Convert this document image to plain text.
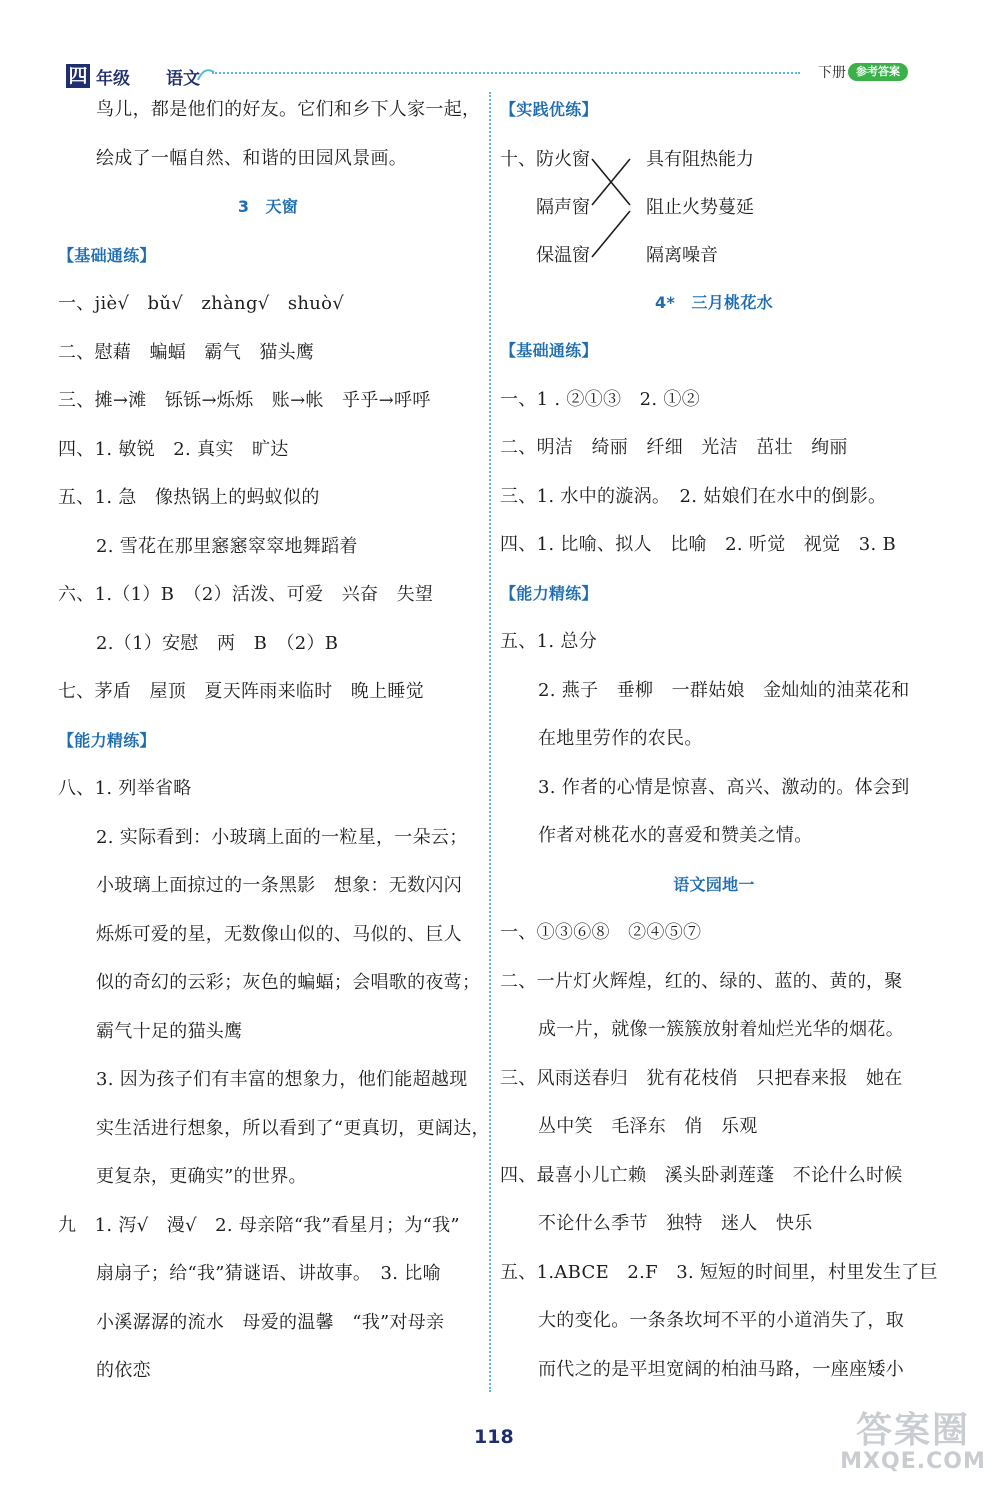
四 年级 语文	下册 参考答案
鸟儿，都是他们的好友。它们和乡下人家一起，
绘成了一幅自然、和谐的田园风景画。
3　天窗
【基础通练】
一、jiè√　bǔ√　zhàng√　shuò√
二、慰藉　蝙蝠　霸气　猫头鹰
三、摊→滩　铄铄→烁烁　账→帐　乎乎→呼呼
四、1. 敏锐　2. 真实　旷达
五、1. 急　像热锅上的蚂蚁似的
2. 雪花在那里窸窸窣窣地舞蹈着
六、1.（1）B　（2）活泼、可爱　兴奋　失望
2.（1）安慰　两　B　（2）B
七、茅盾　屋顶　夏天阵雨来临时　晚上睡觉
【能力精练】
八、1. 列举省略
2. 实际看到：小玻璃上面的一粒星，一朵云；
小玻璃上面掠过的一条黑影　想象：无数闪闪
烁烁可爱的星，无数像山似的、马似的、巨人
似的奇幻的云彩；灰色的蝙蝠；会唱歌的夜莺；
霸气十足的猫头鹰
3. 因为孩子们有丰富的想象力，他们能超越现
实生活进行想象，所以看到了“更真切，更阔达，
更复杂，更确实”的世界。
九　1. 泻√　漫√　2. 母亲陪“我”看星月；为“我”
扇扇子；给“我”猜谜语、讲故事。　3. 比喻
小溪潺潺的流水　母爱的温馨　“我”对母亲
的依恋
【实践优练】
十、 防火窗
隔声窗
保温窗
具有阻热能力
阻止火势蔓延
隔离噪音
4*　三月桃花水
【基础通练】
一、1 . ②①③　2. ①②
二、明洁　绮丽　纤细　光洁　茁壮　绚丽
三、1. 水中的漩涡。　2. 姑娘们在水中的倒影。
四、1. 比喻、拟人　比喻　2. 听觉　视觉　3. B
【能力精练】
五、1. 总分
2. 燕子　垂柳　一群姑娘　金灿灿的油菜花和
在地里劳作的农民。
3. 作者的心情是惊喜、高兴、激动的。体会到
作者对桃花水的喜爱和赞美之情。
语文园地一
一、①③⑥⑧　②④⑤⑦
二、一片灯火辉煌，红的、绿的、蓝的、黄的，聚
成一片，就像一簇簇放射着灿烂光华的烟花。
三、风雨送春归　犹有花枝俏　只把春来报　她在
丛中笑　毛泽东　俏　乐观
四、最喜小儿亡赖　溪头卧剥莲蓬　不论什么时候
不论什么季节　独特　迷人　快乐
五、1.ABCE　2.F　3. 短短的时间里，村里发生了巨
大的变化。一条条坎坷不平的小道消失了，取
而代之的是平坦宽阔的柏油马路，一座座矮小
118	答案圈
MXQE.COM
